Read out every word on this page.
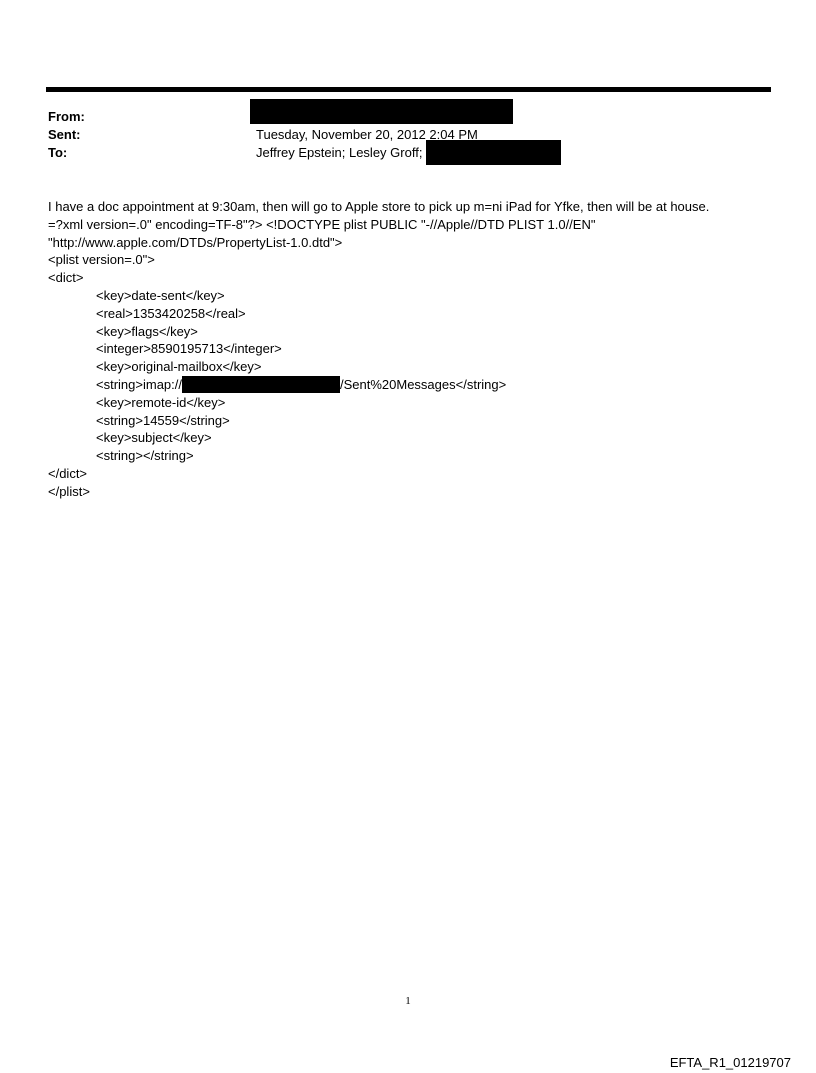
From:
Sent:	Tuesday, November 20, 2012 2:04 PM
To:	Jeffrey Epstein; Lesley Groff;
I have a doc appointment at 9:30am, then will go to Apple store to pick up m=ni iPad for Yfke, then will be at house.
=?xml version=.0" encoding=TF-8"?> <!DOCTYPE plist PUBLIC "-//Apple//DTD PLIST 1.0//EN"
"http://www.apple.com/DTDs/PropertyList-1.0.dtd">
<plist version=.0">
<dict>
<key>date-sent</key>
<real>1353420258</real>
<key>flags</key>
<integer>8590195713</integer>
<key>original-mailbox</key>
<string>imap://	/Sent%20Messages</string>
<key>remote-id</key>
<string>14559</string>
<key>subject</key>
<string></string>
</dict>
</plist>
1
EFTA_R1_01219707
